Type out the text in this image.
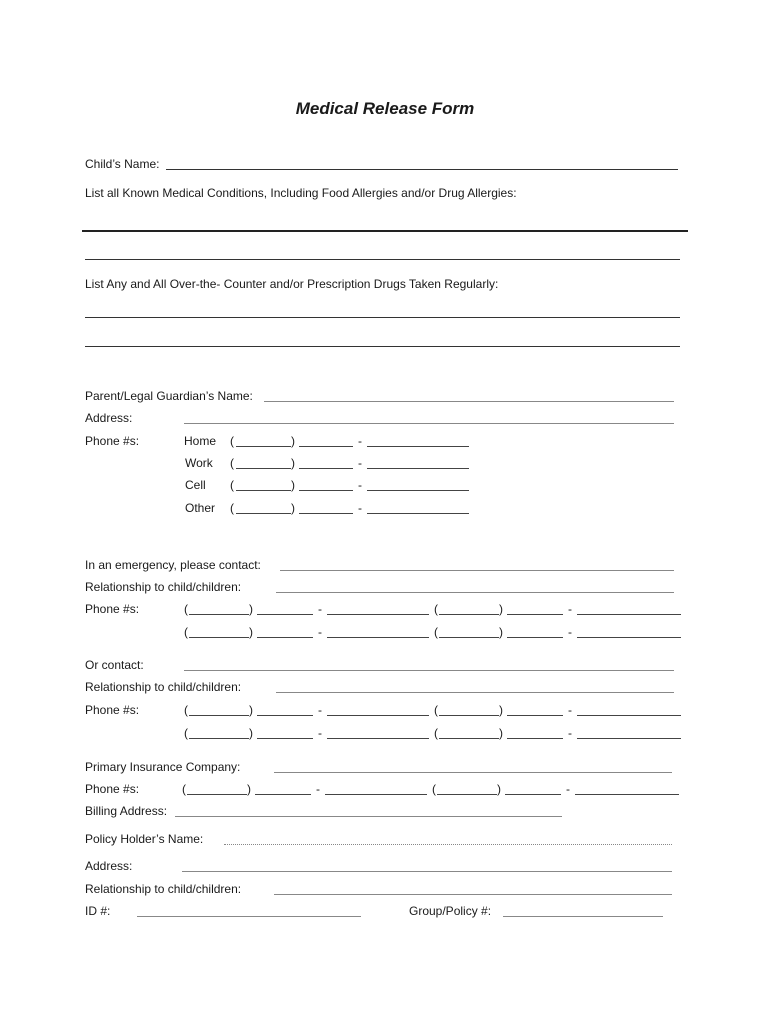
Medical Release Form
Child’s Name:
List all Known Medical Conditions, Including Food Allergies and/or Drug Allergies:
List Any and All Over-the- Counter and/or Prescription Drugs Taken Regularly:
Parent/Legal Guardian’s Name:
Address:
Phone #s:	Home (	)	-
Work (	)	-
Cell (	)	-
Other (	)	-
In an emergency, please contact:
Relationship to child/children:
Phone #s:	(	)	-	(	)	-
(	)	-	(	)	-
Or contact:
Relationship to child/children:
Phone #s:	(	)	-	(	)	-
(	)	-	(	)	-
Primary Insurance Company:
Phone #s:	(	)	-	(	)	-
Billing Address:
Policy Holder’s Name:
Address:
Relationship to child/children:
ID #:	Group/Policy #:
